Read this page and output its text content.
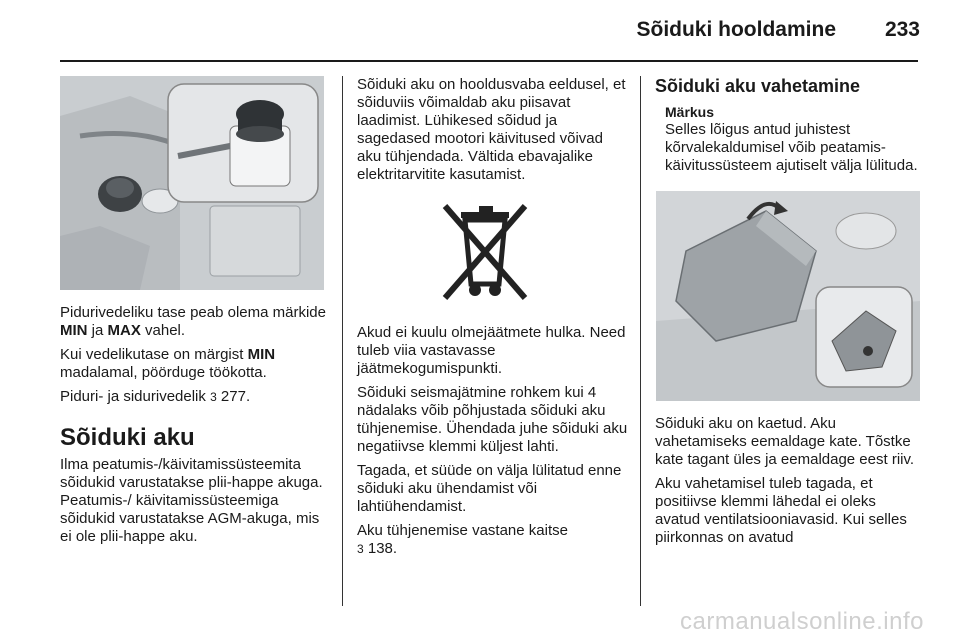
Sõiduki hooldamine 233

Pidurivedeliku tase peab olema märkide MIN ja MAX vahel.

Kui vedelikutase on märgist MIN madalamal, pöörduge töökotta.

Piduri- ja sidurivedelik 3 277.

Sõiduki aku

Ilma peatumis-/käivitamissüsteemita sõidukid varustatakse plii-happe akuga. Peatumis-/ käivitamissüsteemiga sõidukid varustatakse AGM-akuga, mis ei ole plii-happe aku.

Sõiduki aku on hooldusvaba eeldusel, et sõiduviis võimaldab aku piisavat laadimist. Lühikesed sõidud ja sagedased mootori käivitused võivad aku tühjendada. Vältida ebavajalike elektritarvitite kasutamist.

Akud ei kuulu olmejäätmete hulka. Need tuleb viia vastavasse jäätmekogumispunkti.

Sõiduki seismajätmine rohkem kui 4 nädalaks võib põhjustada sõiduki aku tühjenemise. Ühendada juhe sõiduki aku negatiivse klemmi küljest lahti.

Tagada, et süüde on välja lülitatud enne sõiduki aku ühendamist või lahtiühendamist.

Aku tühjenemise vastane kaitse
3 138.

Sõiduki aku vahetamine
Märkus

Selles lõigus antud juhistest kõrvalekaldumisel võib peatamis-käivitussüsteem ajutiselt välja lülituda.

Sõiduki aku on kaetud. Aku vahetamiseks eemaldage kate. Tõstke kate tagant üles ja eemaldage eest riiv.

Aku vahetamisel tuleb tagada, et positiivse klemmi lähedal ei oleks avatud ventilatsiooniavasid. Kui selles piirkonnas on avatud

carmanualsonline.info
